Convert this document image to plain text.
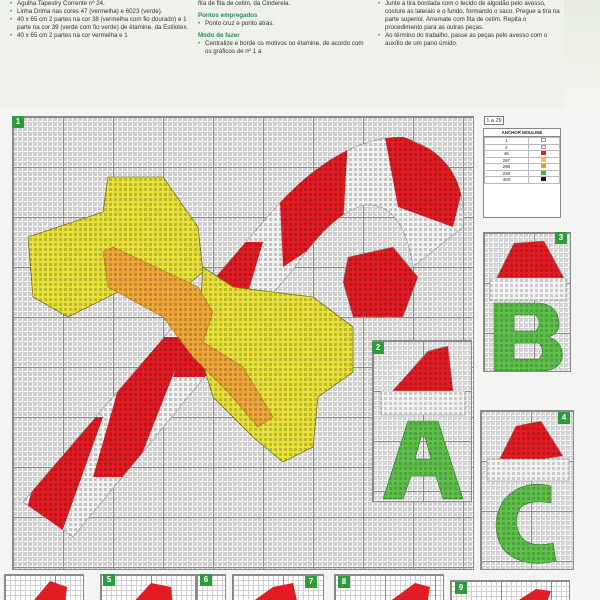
• Agulha Tapestry Corrente nº 24.
• Linha Drima nas cores 47 (vermelha) e 6023 (verde).
• 40 x 65 cm 2 partes na cor 38 (vermelha com fio dourado) e 1 parte na cor 39 (verde com fio verde) de étamine, da Estilotex.
• 40 x 65 cm 2 partes na cor vermelha e 1
fita de fita de cetim, da Cinderela.
Pontos empregados
• Ponto cruz e ponto atrás.
Modo de fazer
• Centralize e borde os motivos no étamine, de acordo com os gráficos de nº 1 a
• Junte a tira bordada com o tecido de algodão pelo avesso, costure as laterais e o fundo, formando o saco. Pregue a tira na parte superior. Arremate com fita de cetim. Repita o procedimento para as outras peças.
• Ao término do trabalho, passe as peças pelo avesso com o auxílio de um pano úmido.
1	1 a 29
ANCHOR MOULINE
1	
2	
46	
297	
298	
228	
403	
3
2
4
5	6	7	8
9
